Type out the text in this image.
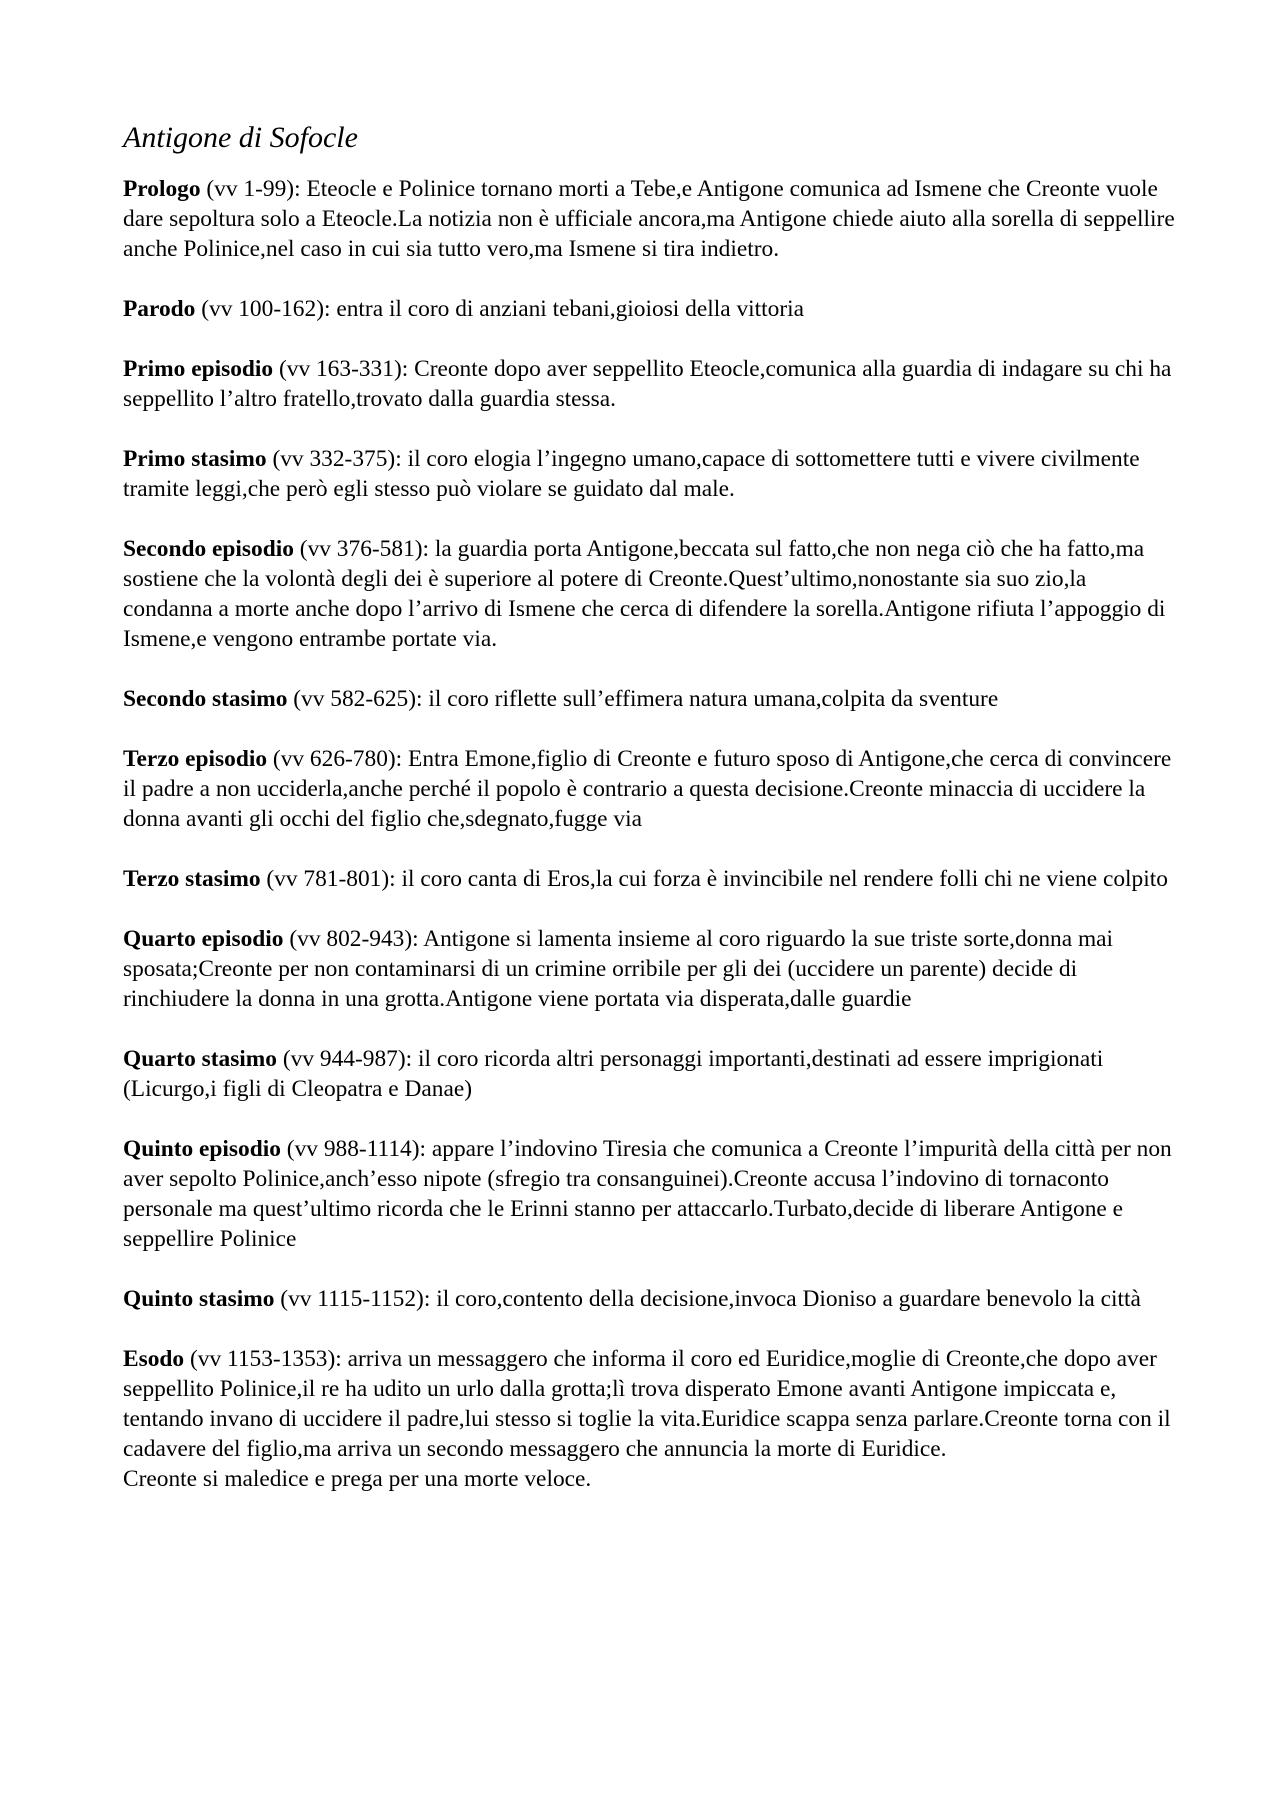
Antigone di Sofocle

Prologo (vv 1-99): Eteocle e Polinice tornano morti a Tebe,e Antigone comunica ad Ismene che Creonte vuole dare sepoltura solo a Eteocle.La notizia non è ufficiale ancora,ma Antigone chiede aiuto alla sorella di seppellire anche Polinice,nel caso in cui sia tutto vero,ma Ismene si tira indietro.

Parodo (vv 100-162): entra il coro di anziani tebani,gioiosi della vittoria

Primo episodio (vv 163-331): Creonte dopo aver seppellito Eteocle,comunica alla guardia di indagare su chi ha seppellito l’altro fratello,trovato dalla guardia stessa.

Primo stasimo (vv 332-375): il coro elogia l’ingegno umano,capace di sottomettere tutti e vivere civilmente tramite leggi,che però egli stesso può violare se guidato dal male.

Secondo episodio (vv 376-581): la guardia porta Antigone,beccata sul fatto,che non nega ciò che ha fatto,ma sostiene che la volontà degli dei è superiore al potere di Creonte.Quest’ultimo,nonostante sia suo zio,la condanna a morte anche dopo l’arrivo di Ismene che cerca di difendere la sorella.Antigone rifiuta l’appoggio di Ismene,e vengono entrambe portate via.

Secondo stasimo (vv 582-625): il coro riflette sull’effimera natura umana,colpita da sventure

Terzo episodio (vv 626-780): Entra Emone,figlio di Creonte e futuro sposo di Antigone,che cerca di convincere il padre a non ucciderla,anche perché il popolo è contrario a questa decisione.Creonte minaccia di uccidere la donna avanti gli occhi del figlio che,sdegnato,fugge via

Terzo stasimo (vv 781-801): il coro canta di Eros,la cui forza è invincibile nel rendere folli chi ne viene colpito

Quarto episodio (vv 802-943): Antigone si lamenta insieme al coro riguardo la sue triste sorte,donna mai sposata;Creonte per non contaminarsi di un crimine orribile per gli dei (uccidere un parente) decide di rinchiudere la donna in una grotta.Antigone viene portata via disperata,dalle guardie

Quarto stasimo (vv 944-987): il coro ricorda altri personaggi importanti,destinati ad essere imprigionati (Licurgo,i figli di Cleopatra e Danae)

Quinto episodio (vv 988-1114): appare l’indovino Tiresia che comunica a Creonte l’impurità della città per non aver sepolto Polinice,anch’esso nipote (sfregio tra consanguinei).Creonte accusa l’indovino di tornaconto personale ma quest’ultimo ricorda che le Erinni stanno per attaccarlo.Turbato,decide di liberare Antigone e seppellire Polinice

Quinto stasimo (vv 1115-1152): il coro,contento della decisione,invoca Dioniso a guardare benevolo la città

Esodo (vv 1153-1353): arriva un messaggero che informa il coro ed Euridice,moglie di Creonte,che dopo aver seppellito Polinice,il re ha udito un urlo dalla grotta;lì trova disperato Emone avanti Antigone impiccata e, tentando invano di uccidere il padre,lui stesso si toglie la vita.Euridice scappa senza parlare.Creonte torna con il cadavere del figlio,ma arriva un secondo messaggero che annuncia la morte di Euridice.
Creonte si maledice e prega per una morte veloce.
